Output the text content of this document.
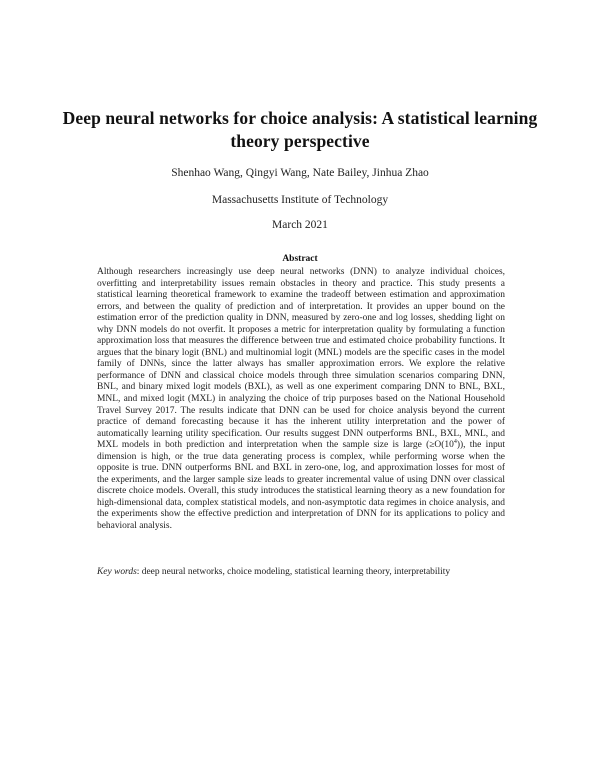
Deep neural networks for choice analysis: A statistical learning theory perspective
Shenhao Wang, Qingyi Wang, Nate Bailey, Jinhua Zhao
Massachusetts Institute of Technology
March 2021
Abstract
Although researchers increasingly use deep neural networks (DNN) to analyze individual choices, overfitting and interpretability issues remain obstacles in theory and practice. This study presents a statistical learning theoretical framework to examine the tradeoff between estimation and approximation errors, and between the quality of prediction and of interpretation. It provides an upper bound on the estimation error of the prediction quality in DNN, measured by zero-one and log losses, shedding light on why DNN models do not overfit. It proposes a metric for interpretation quality by formulating a function approximation loss that measures the difference between true and estimated choice probability functions. It argues that the binary logit (BNL) and multinomial logit (MNL) models are the specific cases in the model family of DNNs, since the latter always has smaller approximation errors. We explore the relative performance of DNN and classical choice models through three simulation scenarios comparing DNN, BNL, and binary mixed logit models (BXL), as well as one experiment comparing DNN to BNL, BXL, MNL, and mixed logit (MXL) in analyzing the choice of trip purposes based on the National Household Travel Survey 2017. The results indicate that DNN can be used for choice analysis beyond the current practice of demand forecasting because it has the inherent utility interpretation and the power of automatically learning utility specification. Our results suggest DNN outperforms BNL, BXL, MNL, and MXL models in both prediction and interpretation when the sample size is large $(\ge O(10^4))$, the input dimension is high, or the true data generating process is complex, while performing worse when the opposite is true. DNN outperforms BNL and BXL in zero-one, log, and approximation losses for most of the experiments, and the larger sample size leads to greater incremental value of using DNN over classical discrete choice models. Overall, this study introduces the statistical learning theory as a new foundation for high-dimensional data, complex statistical models, and non-asymptotic data regimes in choice analysis, and the experiments show the effective prediction and interpretation of DNN for its applications to policy and behavioral analysis.
Key words: deep neural networks, choice modeling, statistical learning theory, interpretability
